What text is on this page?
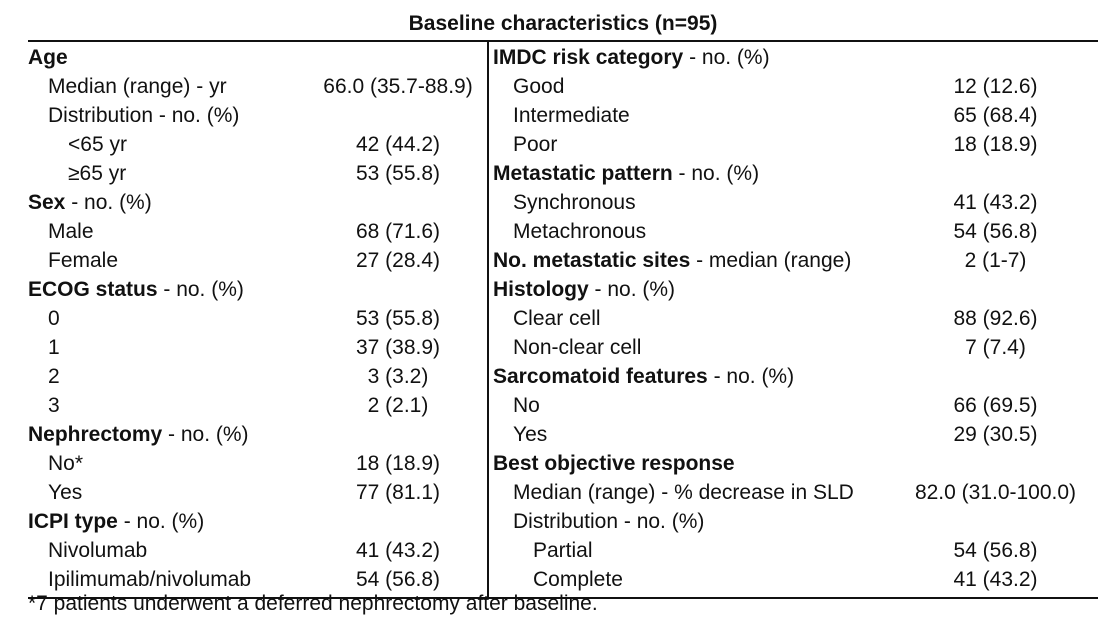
Baseline characteristics (n=95)
Age
Median (range) - yr	66.0 (35.7-88.9)
Distribution - no. (%)
<65 yr	42 (44.2)
≥65 yr	53 (55.8)
Sex - no. (%)
Male	68 (71.6)
Female	27 (28.4)
ECOG status - no. (%)
0	53 (55.8)
1	37 (38.9)
2	3 (3.2)
3	2 (2.1)
Nephrectomy - no. (%)
No*	18 (18.9)
Yes	77 (81.1)
ICPI type - no. (%)
Nivolumab	41 (43.2)
Ipilimumab/nivolumab	54 (56.8)
IMDC risk category - no. (%)
Good	12 (12.6)
Intermediate	65 (68.4)
Poor	18 (18.9)
Metastatic pattern - no. (%)
Synchronous	41 (43.2)
Metachronous	54 (56.8)
No. metastatic sites - median (range)	2 (1-7)
Histology - no. (%)
Clear cell	88 (92.6)
Non-clear cell	7 (7.4)
Sarcomatoid features - no. (%)
No	66 (69.5)
Yes	29 (30.5)
Best objective response
Median (range) - % decrease in SLD	82.0 (31.0-100.0)
Distribution - no. (%)
Partial	54 (56.8)
Complete	41 (43.2)
*7 patients underwent a deferred nephrectomy after baseline.
